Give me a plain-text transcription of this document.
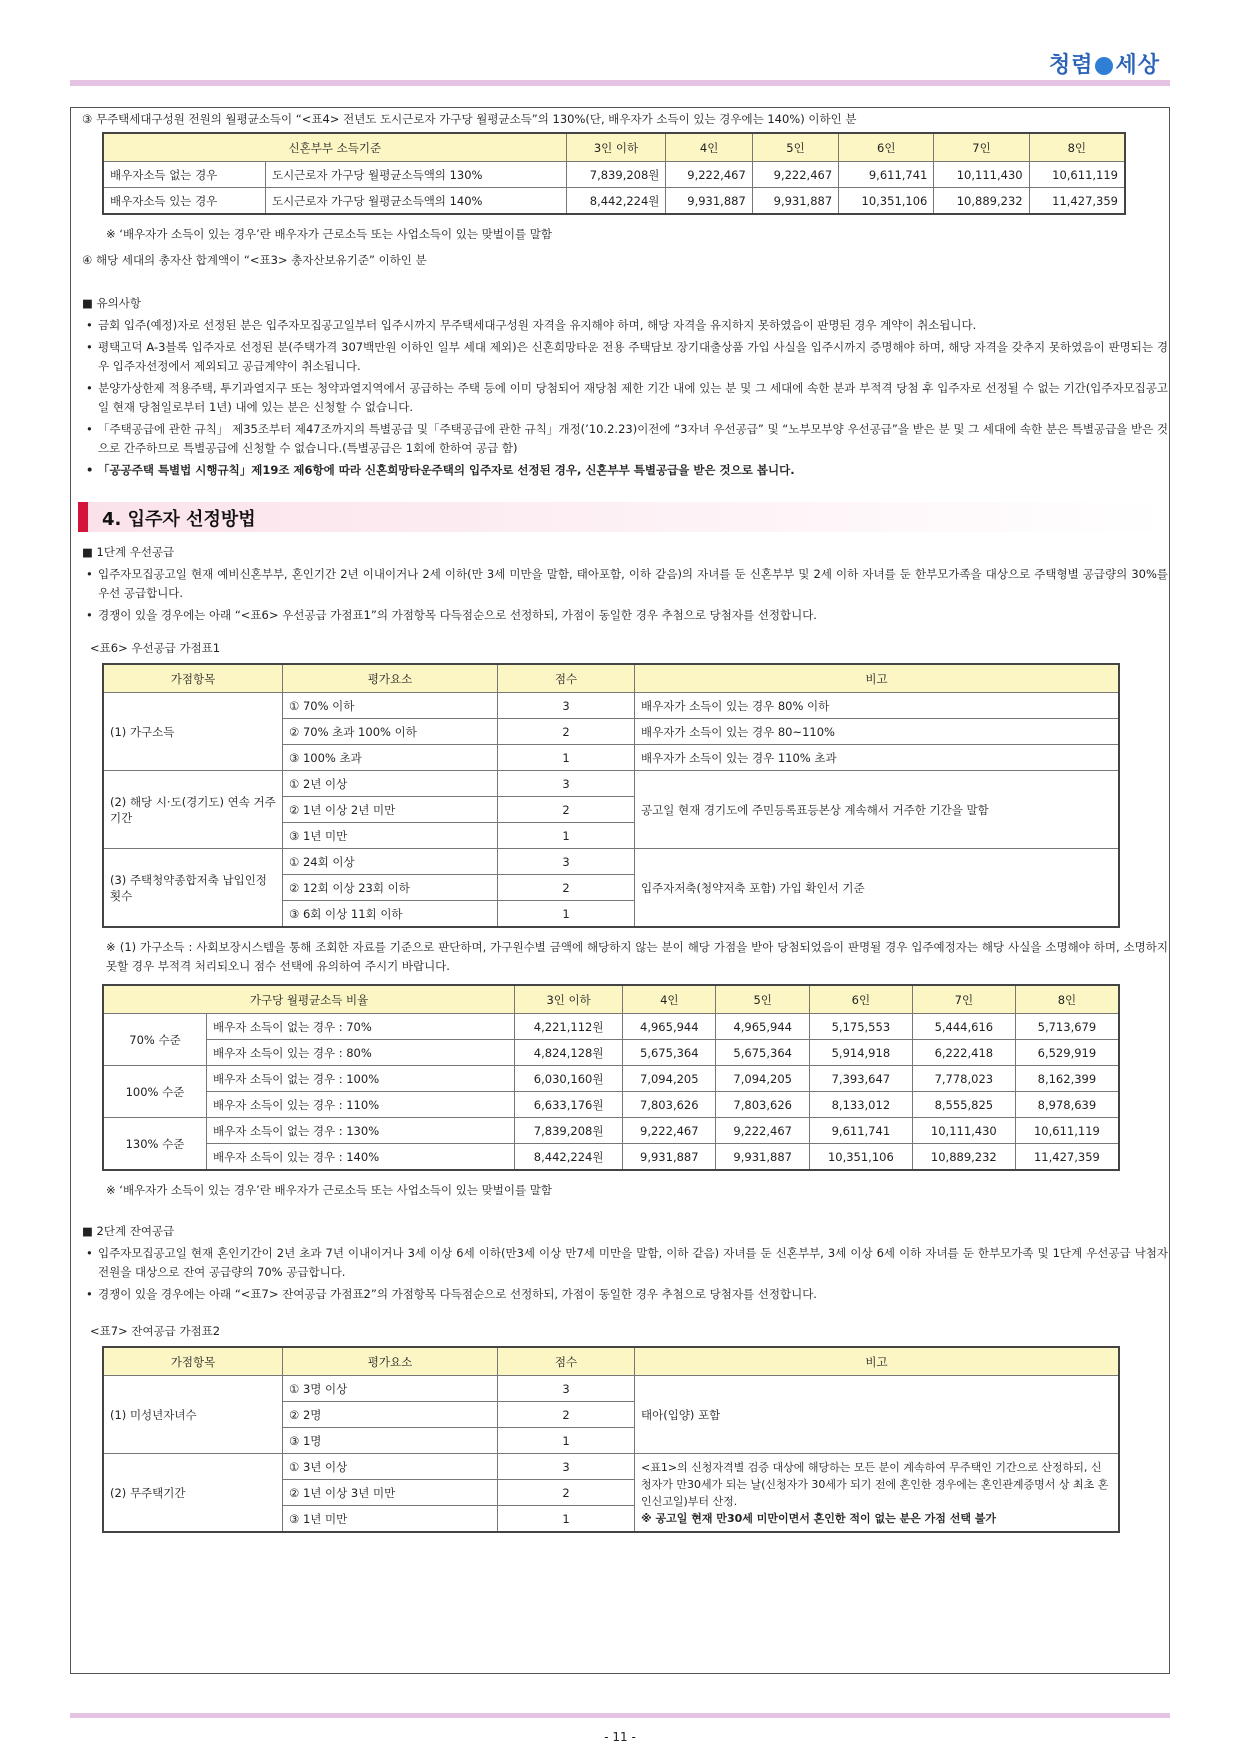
청렴 세상

③ 무주택세대구성원 전원의 월평균소득이 “<표4> 전년도 도시근로자 가구당 월평균소득”의 130%(단, 배우자가 소득이 있는 경우에는 140%) 이하인 분

신혼부부 소득기준		3인 이하	4인	5인	6인	7인	8인
배우자소득 없는 경우	도시근로자 가구당 월평균소득액의 130%	7,839,208원	9,222,467	9,222,467	9,611,741	10,111,430	10,611,119
배우자소득 있는 경우	도시근로자 가구당 월평균소득액의 140%	8,442,224원	9,931,887	9,931,887	10,351,106	10,889,232	11,427,359

※ ‘배우자가 소득이 있는 경우’란 배우자가 근로소득 또는 사업소득이 있는 맞벌이를 말함

④ 해당 세대의 총자산 합계액이 “<표3> 총자산보유기준” 이하인 분

■ 유의사항

• 금회 입주(예정)자로 선정된 분은 입주자모집공고일부터 입주시까지 무주택세대구성원 자격을 유지해야 하며, 해당 자격을 유지하지 못하였음이 판명된 경우 계약이 취소됩니다.
• 평택고덕 A-3블록 입주자로 선정된 분(주택가격 307백만원 이하인 일부 세대 제외)은 신혼희망타운 전용 주택담보 장기대출상품 가입 사실을 입주시까지 증명해야 하며, 해당 자격을 갖추지 못하였음이 판명되는 경우 입주자선정에서 제외되고 공급계약이 취소됩니다.
• 분양가상한제 적용주택, 투기과열지구 또는 청약과열지역에서 공급하는 주택 등에 이미 당첨되어 재당첨 제한 기간 내에 있는 분 및 그 세대에 속한 분과 부적격 당첨 후 입주자로 선정될 수 없는 기간(입주자모집공고일 현재 당첨일로부터 1년) 내에 있는 분은 신청할 수 없습니다.
• 「주택공급에 관한 규칙」 제35조부터 제47조까지의 특별공급 및「주택공급에 관한 규칙」개정(’10.2.23)이전에 “3자녀 우선공급” 및 “노부모부양 우선공급”을 받은 분 및 그 세대에 속한 분은 특별공급을 받은 것으로 간주하므로 특별공급에 신청할 수 없습니다.(특별공급은 1회에 한하여 공급 함)
• 「공공주택 특별법 시행규칙」제19조 제6항에 따라 신혼희망타운주택의 입주자로 선정된 경우, 신혼부부 특별공급을 받은 것으로 봅니다.
4. 입주자 선정방법

■ 1단계 우선공급

• 입주자모집공고일 현재 예비신혼부부, 혼인기간 2년 이내이거나 2세 이하(만 3세 미만을 말함, 태아포함, 이하 같음)의 자녀를 둔 신혼부부 및 2세 이하 자녀를 둔 한부모가족을 대상으로 주택형별 공급량의 30%를 우선 공급합니다.
• 경쟁이 있을 경우에는 아래 “<표6> 우선공급 가점표1”의 가점항목 다득점순으로 선정하되, 가점이 동일한 경우 추첨으로 당첨자를 선정합니다.

<표6> 우선공급 가점표1

가점항목	평가요소	점수	비고
(1) 가구소득	① 70% 이하	3	배우자가 소득이 있는 경우 80% 이하
	② 70% 초과 100% 이하	2	배우자가 소득이 있는 경우 80~110%
	③ 100% 초과	1	배우자가 소득이 있는 경우 110% 초과
(2) 해당 시·도(경기도) 연속 거주기간	① 2년 이상	3	공고일 현재 경기도에 주민등록표등본상 계속해서 거주한 기간을 말함
	② 1년 이상 2년 미만	2	
	③ 1년 미만	1	
(3) 주택청약종합저축 납입인정 횟수	① 24회 이상	3	입주자저축(청약저축 포함) 가입 확인서 기준
	② 12회 이상 23회 이하	2	
	③ 6회 이상 11회 이하	1	

※ (1) 가구소득 : 사회보장시스템을 통해 조회한 자료를 기준으로 판단하며, 가구원수별 금액에 해당하지 않는 분이 해당 가점을 받아 당첨되었음이 판명될 경우 입주예정자는 해당 사실을 소명해야 하며, 소명하지 못할 경우 부적격 처리되오니 점수 선택에 유의하여 주시기 바랍니다.

가구당 월평균소득 비율		3인 이하	4인	5인	6인	7인	8인
70% 수준	배우자 소득이 없는 경우 : 70%	4,221,112원	4,965,944	4,965,944	5,175,553	5,444,616	5,713,679
	배우자 소득이 있는 경우 : 80%	4,824,128원	5,675,364	5,675,364	5,914,918	6,222,418	6,529,919
100% 수준	배우자 소득이 없는 경우 : 100%	6,030,160원	7,094,205	7,094,205	7,393,647	7,778,023	8,162,399
	배우자 소득이 있는 경우 : 110%	6,633,176원	7,803,626	7,803,626	8,133,012	8,555,825	8,978,639
130% 수준	배우자 소득이 없는 경우 : 130%	7,839,208원	9,222,467	9,222,467	9,611,741	10,111,430	10,611,119
	배우자 소득이 있는 경우 : 140%	8,442,224원	9,931,887	9,931,887	10,351,106	10,889,232	11,427,359

※ ‘배우자가 소득이 있는 경우’란 배우자가 근로소득 또는 사업소득이 있는 맞벌이를 말함

■ 2단계 잔여공급

• 입주자모집공고일 현재 혼인기간이 2년 초과 7년 이내이거나 3세 이상 6세 이하(만3세 이상 만7세 미만을 말함, 이하 같음) 자녀를 둔 신혼부부, 3세 이상 6세 이하 자녀를 둔 한부모가족 및 1단계 우선공급 낙첨자 전원을 대상으로 잔여 공급량의 70% 공급합니다.
• 경쟁이 있을 경우에는 아래 “<표7> 잔여공급 가점표2”의 가점항목 다득점순으로 선정하되, 가점이 동일한 경우 추첨으로 당첨자를 선정합니다.

<표7> 잔여공급 가점표2

가점항목	평가요소	점수	비고
(1) 미성년자녀수	① 3명 이상	3	태아(입양) 포함
	② 2명	2	
	③ 1명	1	
(2) 무주택기간	① 3년 이상	3	<표1>의 신청자격별 검증 대상에 해당하는 모든 분이 계속하여 무주택인 기간으로 산정하되, 신청자가 만30세가 되는 날(신청자가 30세가 되기 전에 혼인한 경우에는 혼인관계증명서 상 최초 혼인신고일)부터 산정.
※ 공고일 현재 만30세 미만이면서 혼인한 적이 없는 분은 가점 선택 불가
	② 1년 이상 3년 미만	2	
	③ 1년 미만	1	
- 11 -
